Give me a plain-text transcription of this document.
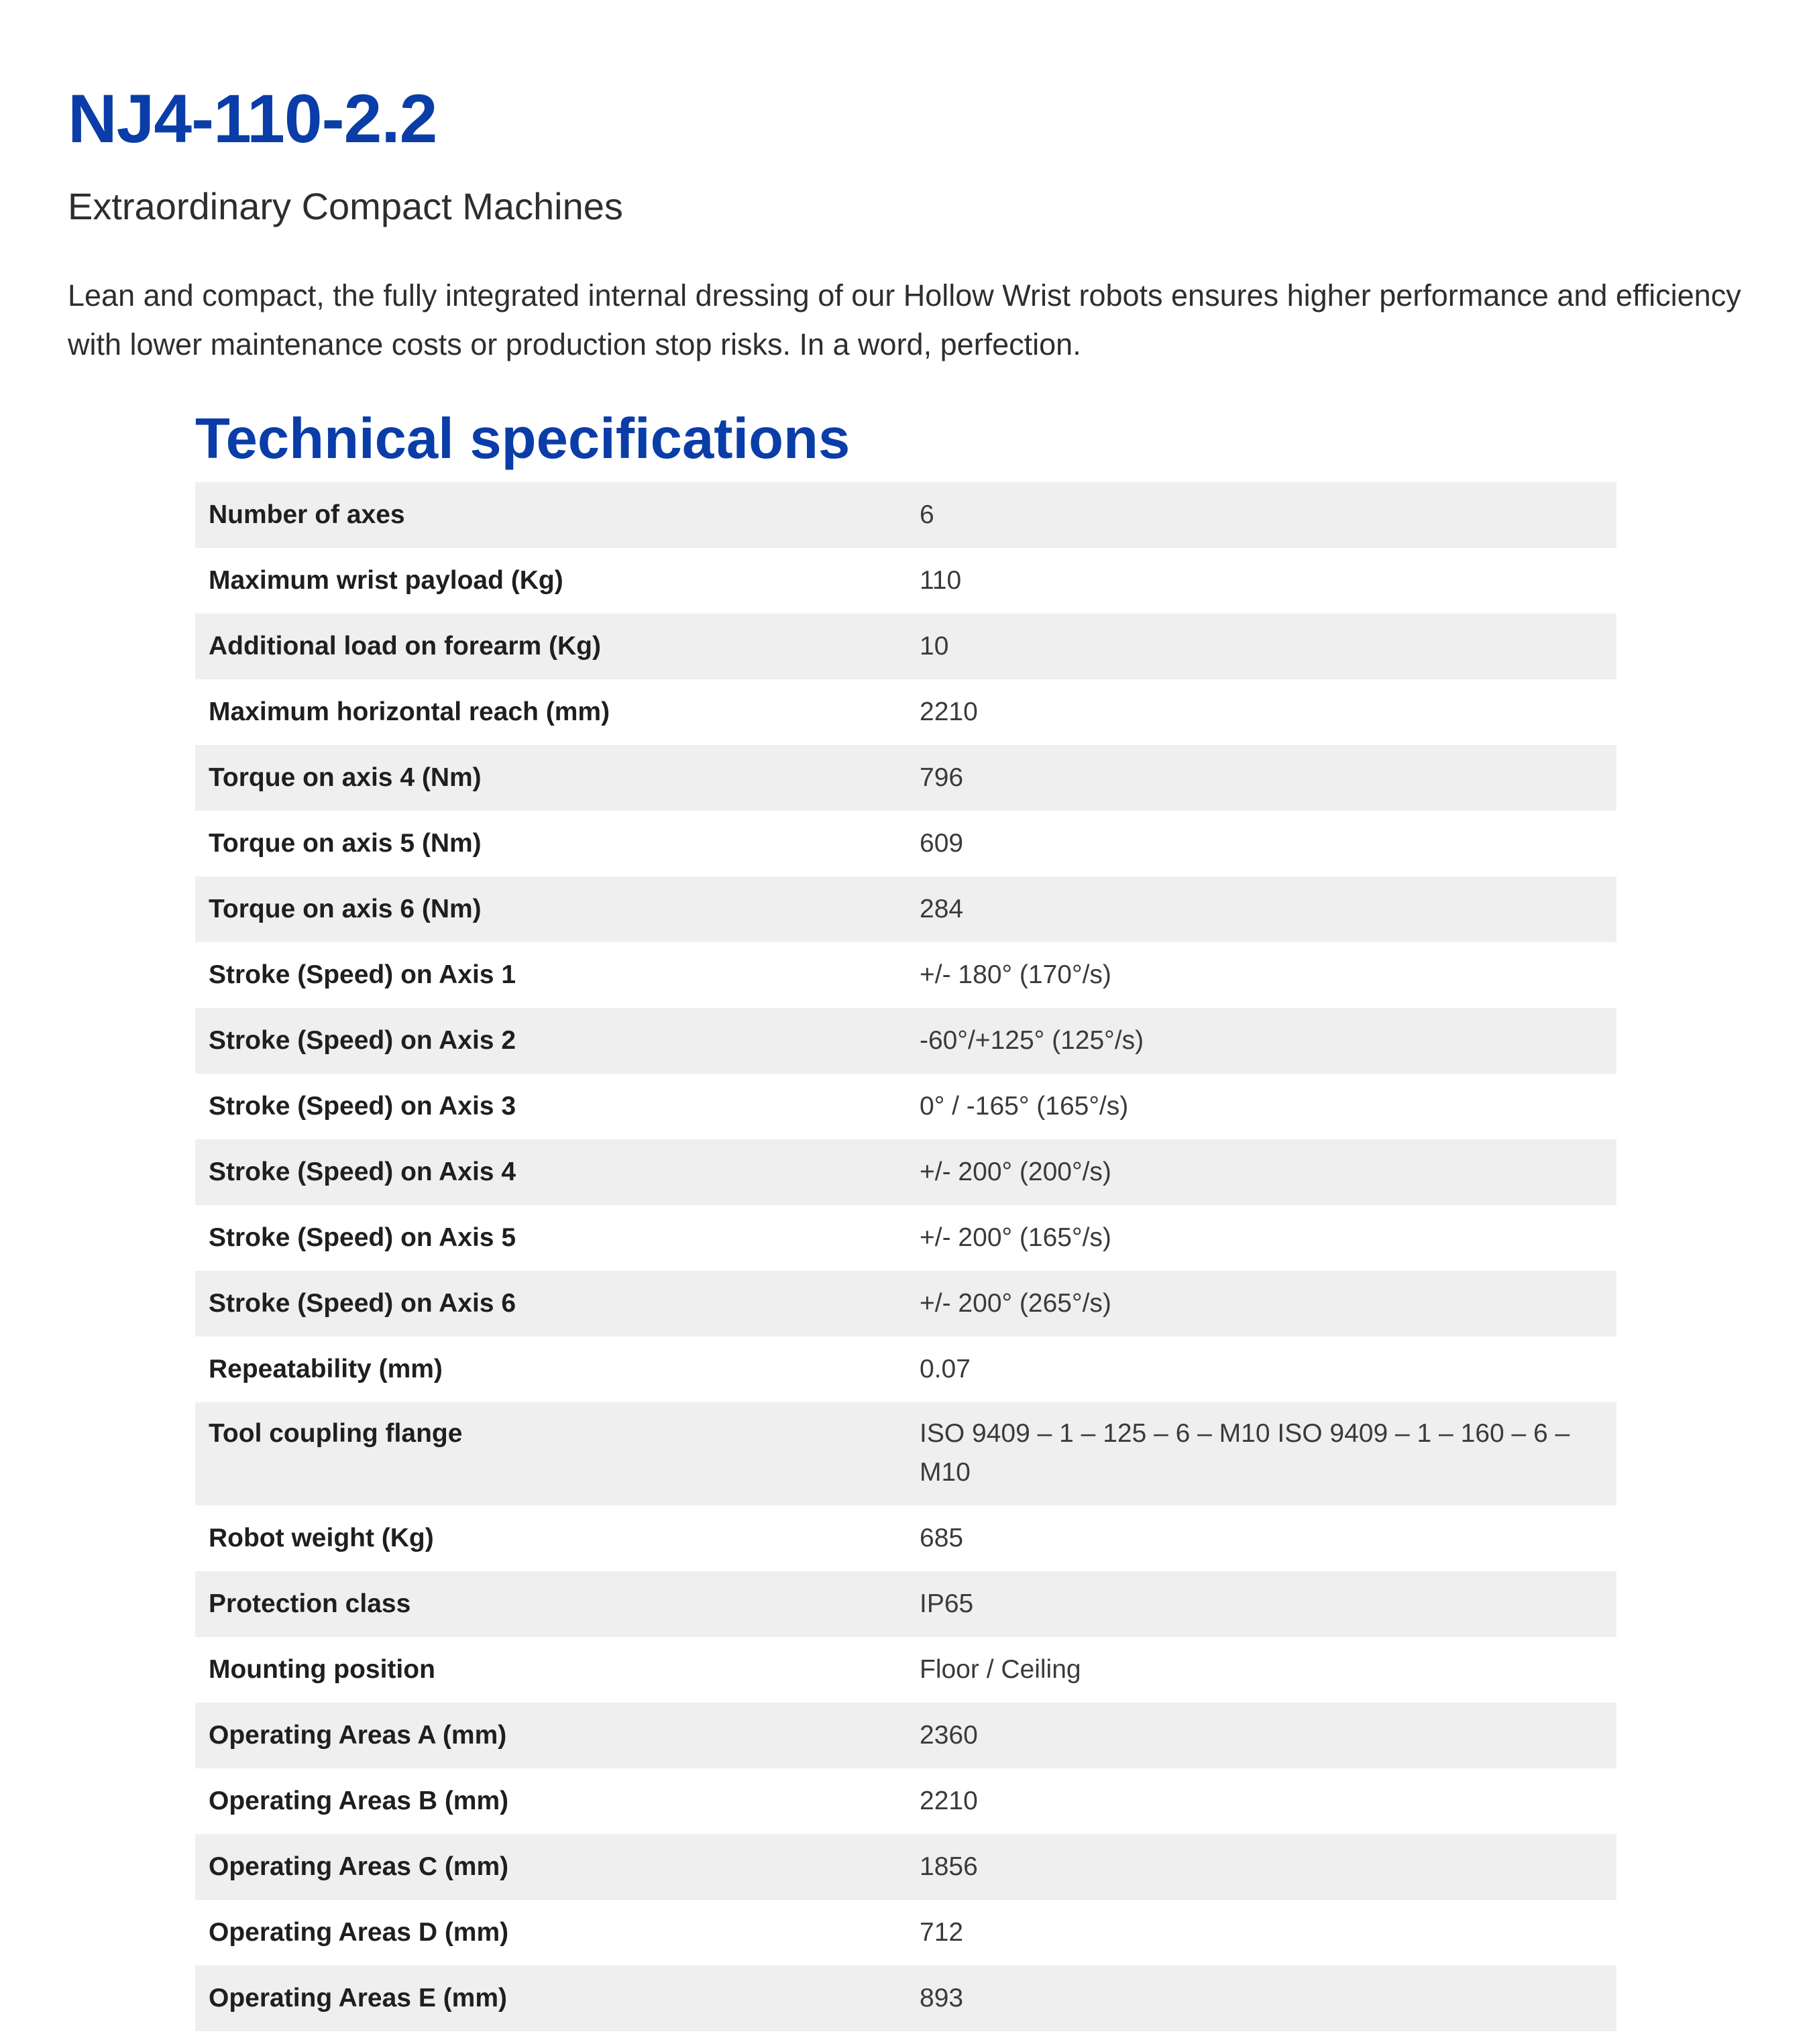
NJ4-110-2.2
Extraordinary Compact Machines

Lean and compact, the fully integrated internal dressing of our Hollow Wrist robots ensures higher performance and efficiency with lower maintenance costs or production stop risks. In a word, perfection.

Technical specifications
Number of axes	6
Maximum wrist payload (Kg)	110
Additional load on forearm (Kg)	10
Maximum horizontal reach (mm)	2210
Torque on axis 4 (Nm)	796
Torque on axis 5 (Nm)	609
Torque on axis 6 (Nm)	284
Stroke (Speed) on Axis 1	+/- 180° (170°/s)
Stroke (Speed) on Axis 2	-60°/+125° (125°/s)
Stroke (Speed) on Axis 3	0° / -165° (165°/s)
Stroke (Speed) on Axis 4	+/- 200° (200°/s)
Stroke (Speed) on Axis 5	+/- 200° (165°/s)
Stroke (Speed) on Axis 6	+/- 200° (265°/s)
Repeatability (mm)	0.07
Tool coupling flange	ISO 9409 – 1 – 125 – 6 – M10 ISO 9409 – 1 – 160 – 6 – M10
Robot weight (Kg)	685
Protection class	IP65
Mounting position	Floor / Ceiling
Operating Areas A (mm)	2360
Operating Areas B (mm)	2210
Operating Areas C (mm)	1856
Operating Areas D (mm)	712
Operating Areas E (mm)	893
